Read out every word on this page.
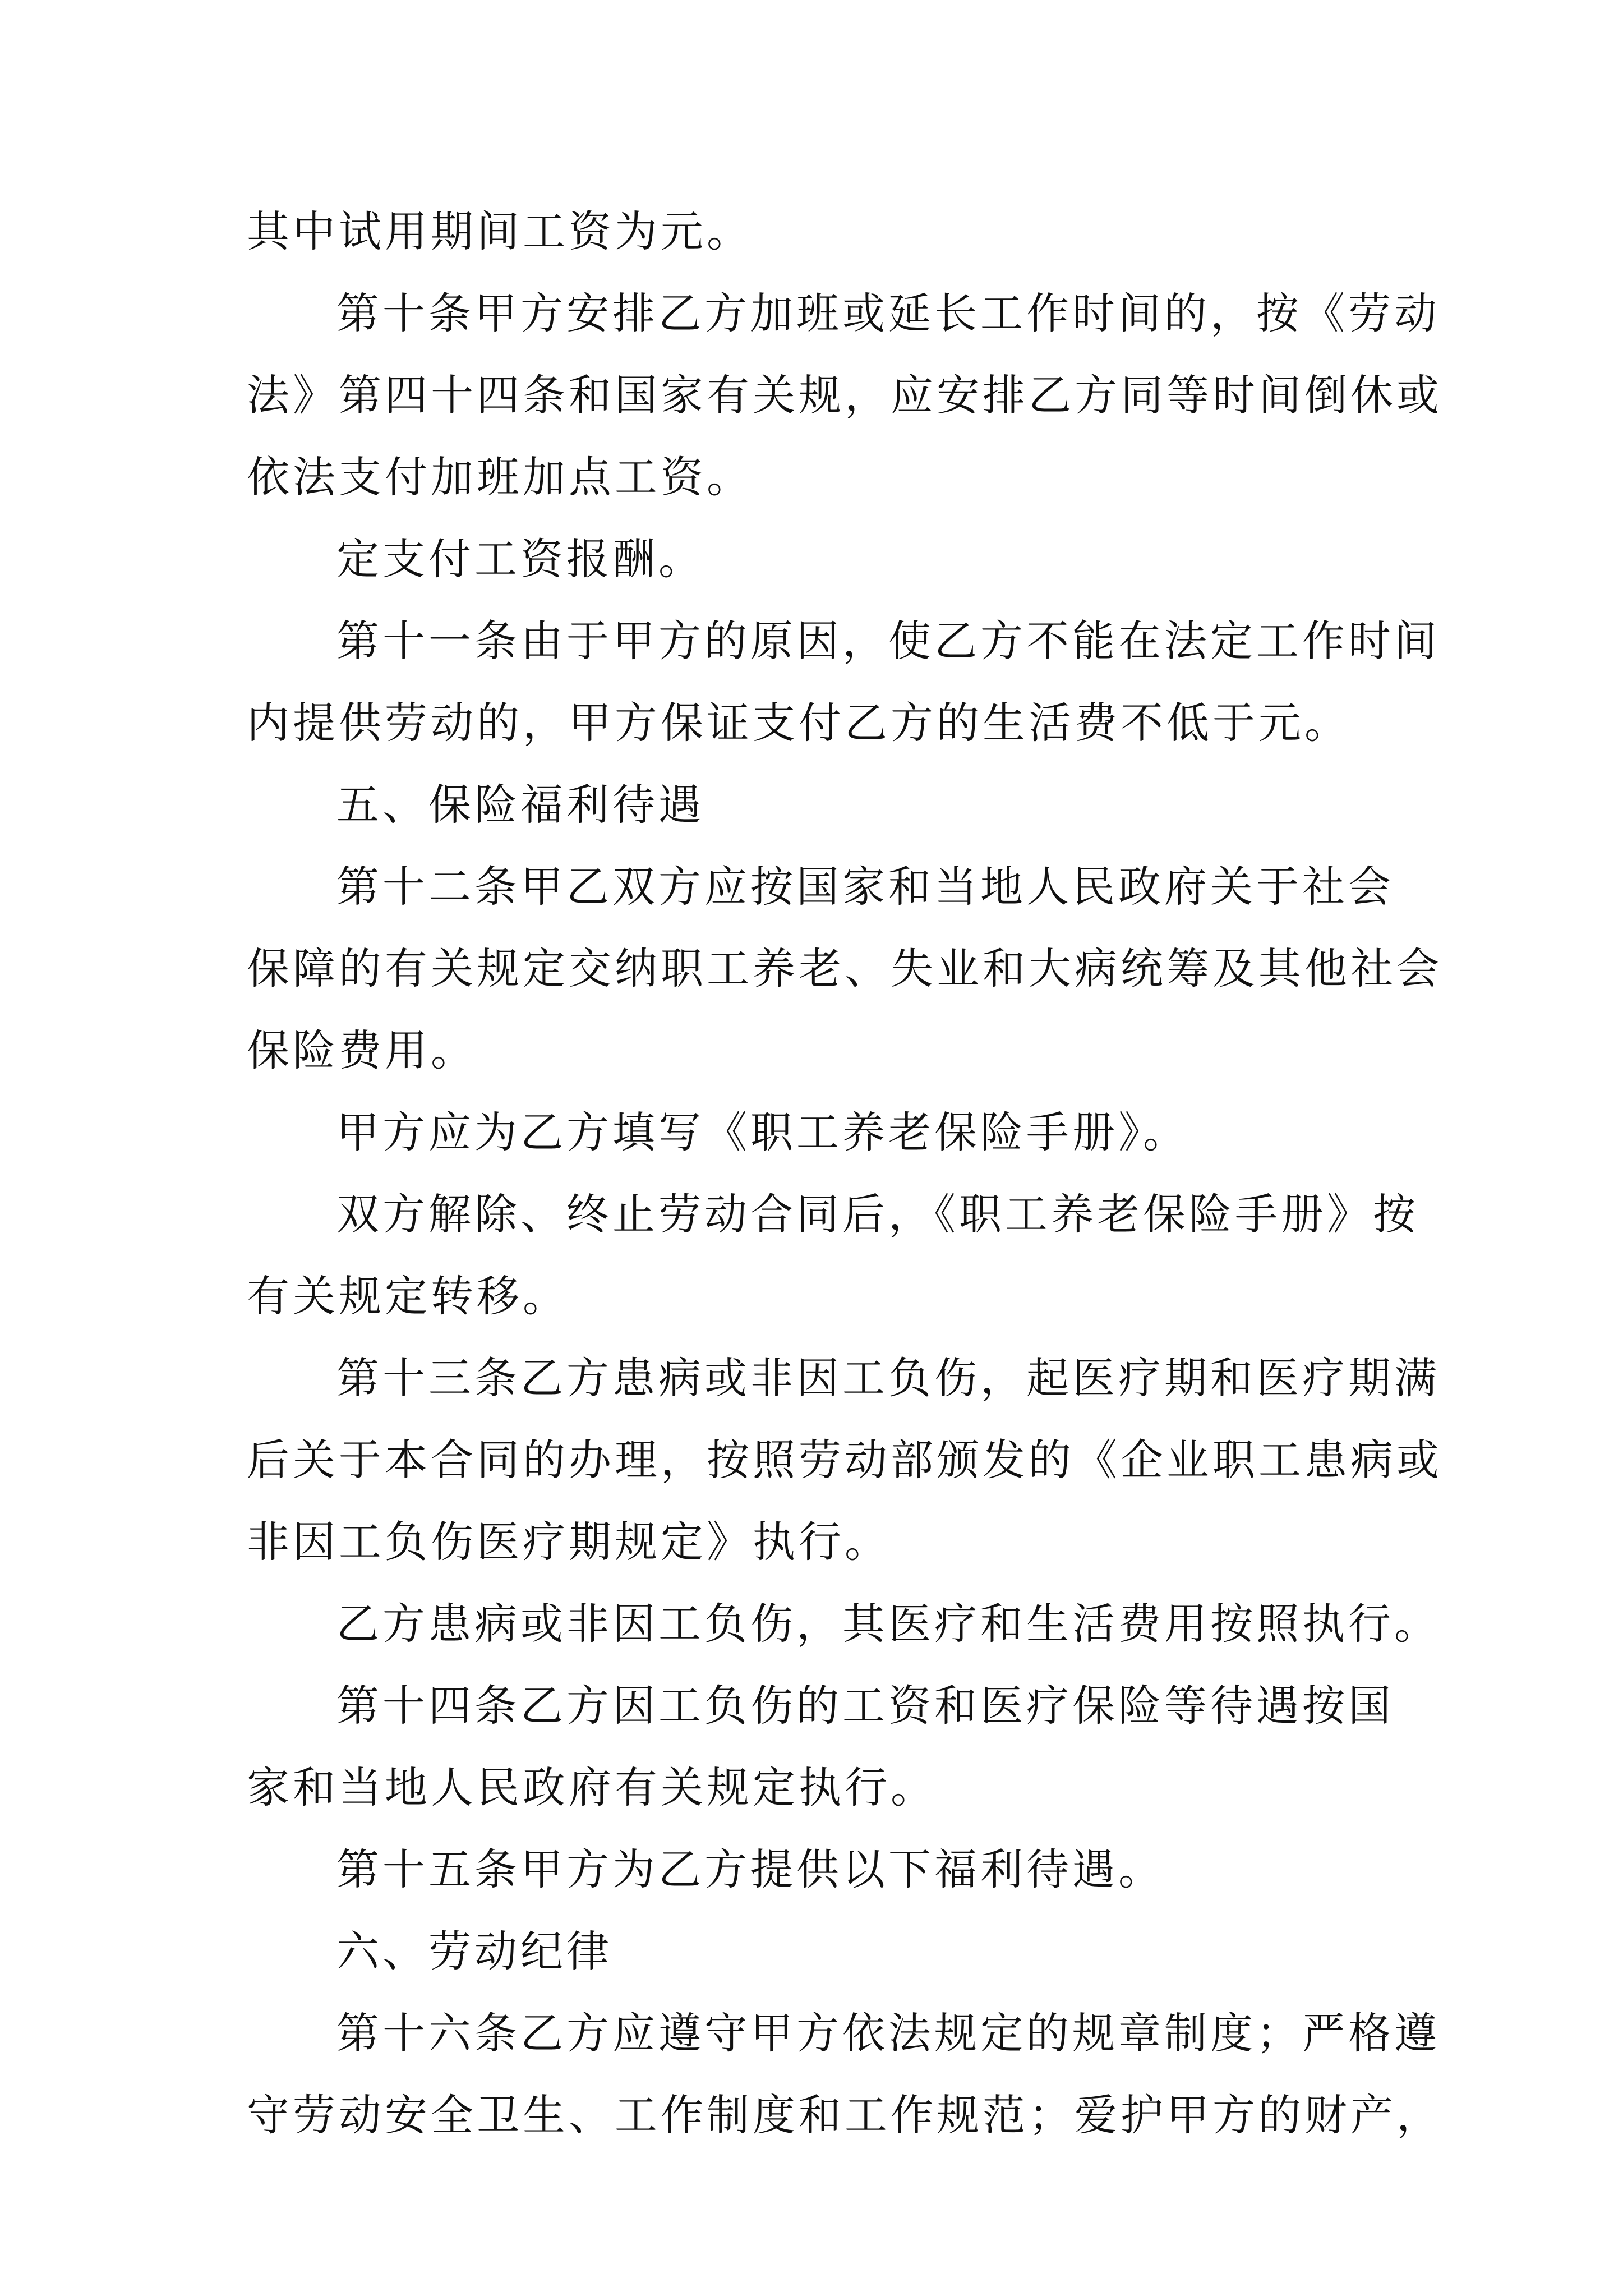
其中试用期间工资为元。
第十条甲方安排乙方加班或延长工作时间的，按《劳动
法》第四十四条和国家有关规，应安排乙方同等时间倒休或
依法支付加班加点工资。
定支付工资报酬。
第十一条由于甲方的原因，使乙方不能在法定工作时间
内提供劳动的，甲方保证支付乙方的生活费不低于元。
五、保险福利待遇
第十二条甲乙双方应按国家和当地人民政府关于社会
保障的有关规定交纳职工养老、失业和大病统筹及其他社会
保险费用。
甲方应为乙方填写《职工养老保险手册》。
双方解除、终止劳动合同后，《职工养老保险手册》按
有关规定转移。
第十三条乙方患病或非因工负伤，起医疗期和医疗期满
后关于本合同的办理，按照劳动部颁发的《企业职工患病或
非因工负伤医疗期规定》执行。
乙方患病或非因工负伤，其医疗和生活费用按照执行。
第十四条乙方因工负伤的工资和医疗保险等待遇按国
家和当地人民政府有关规定执行。
第十五条甲方为乙方提供以下福利待遇。
六、劳动纪律
第十六条乙方应遵守甲方依法规定的规章制度；严格遵
守劳动安全卫生、工作制度和工作规范；爱护甲方的财产，
